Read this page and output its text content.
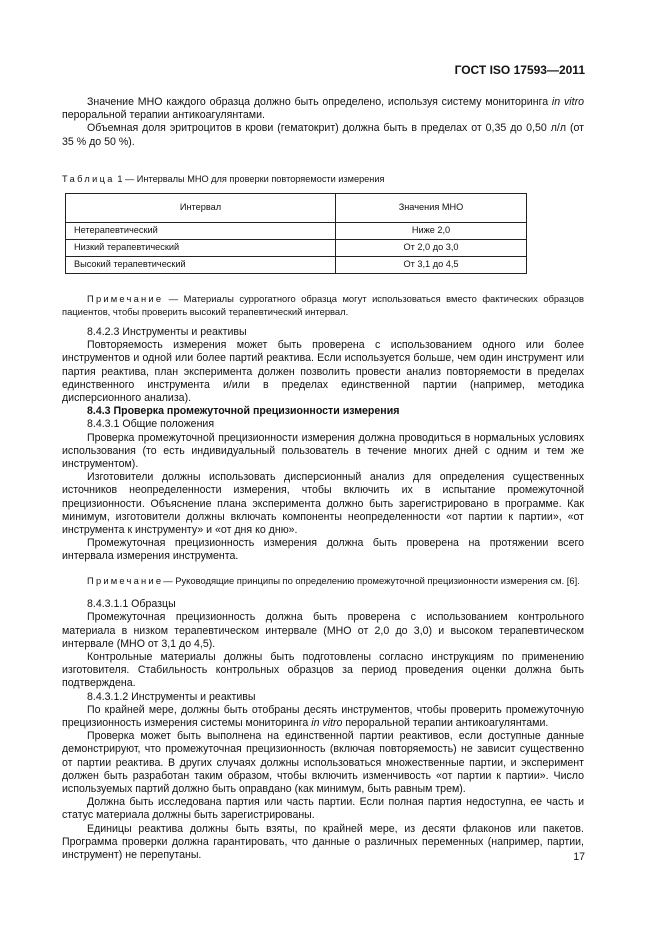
ГОСТ ISO 17593—2011

Значение МНО каждого образца должно быть определено, используя систему мониторинга in vitro пероральной терапии антикоагулянтами.

Объемная доля эритроцитов в крови (гематокрит) должна быть в пределах от 0,35 до 0,50 л/л (от 35 % до 50 %).

Таблица 1 — Интервалы МНО для проверки повторяемости измерения
Интервал	Значения МНО
Нетерапевтический	Ниже 2,0
Низкий терапевтический	От 2,0 до 3,0
Высокий терапевтический	От 3,1 до 4,5

Примечание — Материалы суррогатного образца могут использоваться вместо фактических образцов пациентов, чтобы проверить высокий терапевтический интервал.

8.4.2.3 Инструменты и реактивы

Повторяемость измерения может быть проверена с использованием одного или более инструментов и одной или более партий реактива. Если используется больше, чем один инструмент или партия реактива, план эксперимента должен позволить провести анализ повторяемости в пределах единственного инструмента и/или в пределах единственной партии (например, методика дисперсионного анализа).

8.4.3 Проверка промежуточной прецизионности измерения

8.4.3.1 Общие положения

Проверка промежуточной прецизионности измерения должна проводиться в нормальных условиях использования (то есть индивидуальный пользователь в течение многих дней с одним и тем же инструментом).

Изготовители должны использовать дисперсионный анализ для определения существенных источников неопределенности измерения, чтобы включить их в испытание промежуточной прецизионности. Объяснение плана эксперимента должно быть зарегистрировано в программе. Как минимум, изготовители должны включать компоненты неопределенности «от партии к партии», «от инструмента к инструменту» и «от дня ко дню».

Промежуточная прецизионность измерения должна быть проверена на протяжении всего интервала измерения инструмента.

Примечание— Руководящие принципы по определению промежуточной прецизионности измерения см. [6].

8.4.3.1.1 Образцы

Промежуточная прецизионность должна быть проверена с использованием контрольного материала в низком терапевтическом интервале (МНО от 2,0 до 3,0) и высоком терапевтическом интервале (МНО от 3,1 до 4,5).

Контрольные материалы должны быть подготовлены согласно инструкциям по применению изготовителя. Стабильность контрольных образцов за период проведения оценки должна быть подтверждена.

8.4.3.1.2 Инструменты и реактивы

По крайней мере, должны быть отобраны десять инструментов, чтобы проверить промежуточную прецизионность измерения системы мониторинга in vitro пероральной терапии антикоагулянтами.

Проверка может быть выполнена на единственной партии реактивов, если доступные данные демонстрируют, что промежуточная прецизионность (включая повторяемость) не зависит существенно от партии реактива. В других случаях должны использоваться множественные партии, и эксперимент должен быть разработан таким образом, чтобы включить изменчивость «от партии к партии». Число используемых партий должно быть оправдано (как минимум, быть равным трем).

Должна быть исследована партия или часть партии. Если полная партия недоступна, ее часть и статус материала должны быть зарегистрированы.

Единицы реактива должны быть взяты, по крайней мере, из десяти флаконов или пакетов. Программа проверки должна гарантировать, что данные о различных переменных (например, партии, инструмент) не перепутаны.	17
